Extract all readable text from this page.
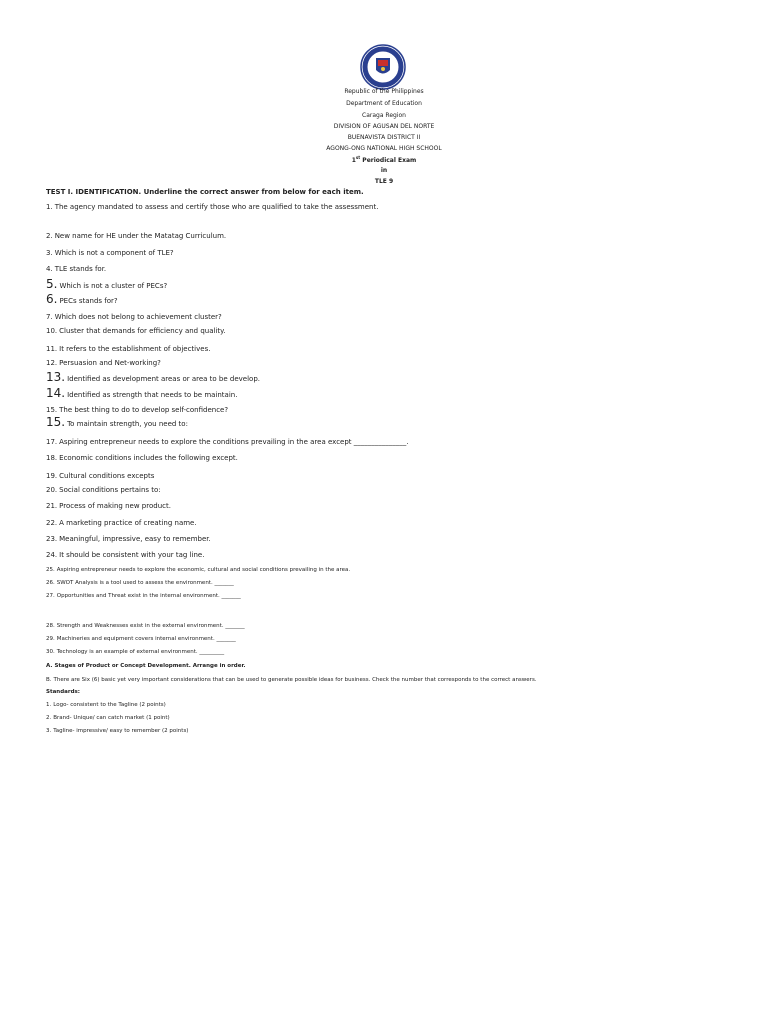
Republic of the Philippines
Department of Education
Caraga Region
DIVISION OF AGUSAN DEL NORTE
BUENAVISTA DISTRICT II
AGONG-ONG NATIONAL HIGH SCHOOL
1st Periodical Exam
in
TLE 9
TEST I. IDENTIFICATION. Underline the correct answer from below for each item.
1. The agency mandated to assess and certify those who are qualified to take the assessment.
2. New name for HE under the Matatag Curriculum.
3. Which is not a component of TLE?
4. TLE stands for.
5. Which is not a cluster of PECs?
6. PECs stands for?
7. Which does not belong to achievement cluster?
10. Cluster that demands for efficiency and quality.
11. It refers to the establishment of objectives.
12. Persuasion and Net-working?
13. Identified as development areas or area to be develop.
14. Identified as strength that needs to be maintain.
15. The best thing to do to develop self-confidence?
15. To maintain strength, you need to:
17. Aspiring entrepreneur needs to explore the conditions prevailing in the area except _______________.
18. Economic conditions includes the following except.
19. Cultural conditions excepts
20. Social conditions pertains to:
21. Process of making new product.
22. A marketing practice of creating name.
23. Meaningful, impressive, easy to remember.
24. It should be consistent with your tag line.
25. Aspiring entrepreneur needs to explore the economic, cultural and social conditions prevailing in the area.
26. SWOT Analysis is a tool used to assess the environment. _______
27. Opportunities and Threat exist in the internal environment. _______
28. Strength and Weaknesses exist in the external environment. _______
29. Machineries and equipment covers internal environment. _______
30. Technology is an example of external environment. _________
A. Stages of Product or Concept Development. Arrange in order.
B. There are Six (6) basic yet very important considerations that can be used to generate possible ideas for business. Check the number that corresponds to the correct answers.
Standards:
1. Logo- consistent to the Tagline (2 points)
2. Brand- Unique/ can catch market (1 point)
3. Tagline- impressive/ easy to remember (2 points)
